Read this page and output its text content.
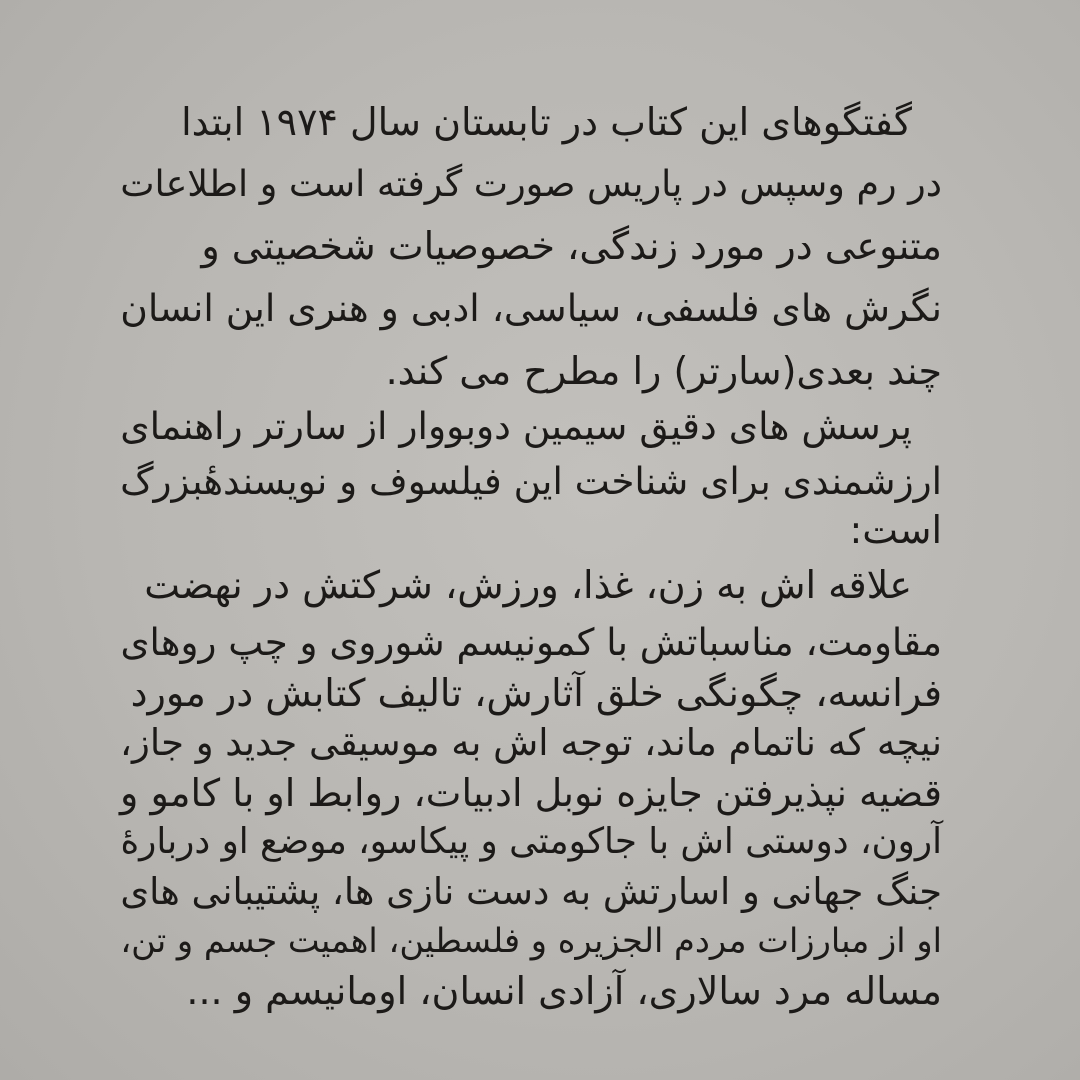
گفتگوهای این کتاب در تابستان سال ۱۹۷۴ ابتدا
در رم وسپس در پاریس صورت گرفته است و اطلاعات
متنوعی در مورد زندگی، خصوصیات شخصیتی و
نگرش های فلسفی، سیاسی، ادبی و هنری این انسان
چند بعدی(سارتر) را مطرح می کند.
پرسش های دقیق سیمین دوبووار از سارتر راهنمای
ارزشمندی برای شناخت این فیلسوف و نویسندهٔبزرگ
است:
علاقه اش به زن، غذا، ورزش، شرکتش در نهضت
مقاومت، مناسباتش با کمونیسم شوروی و چپ روهای
فرانسه، چگونگی خلق آثارش، تالیف کتابش در مورد
نیچه که ناتمام ماند، توجه اش به موسیقی جدید و جاز،
قضیه نپذیرفتن جایزه نوبل ادبیات، روابط او با کامو و
آرون، دوستی اش با جاکومتی و پیکاسو، موضع او دربارهٔ
جنگ جهانی و اسارتش به دست نازی ها، پشتیبانی های
او از مبارزات مردم الجزیره و فلسطین، اهمیت جسم و تن،
مساله مرد سالاری، آزادی انسان، اومانیسم و ...
